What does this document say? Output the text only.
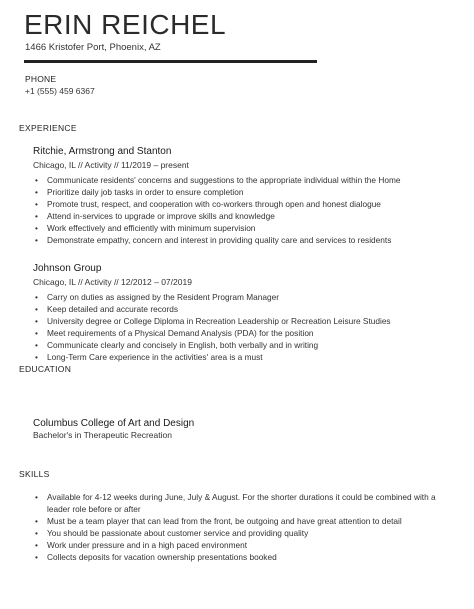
ERIN REICHEL
1466 Kristofer Port, Phoenix, AZ
PHONE
+1 (555) 459 6367
EXPERIENCE
Ritchie, Armstrong and Stanton
Chicago, IL // Activity // 11/2019 – present
• Communicate residents' concerns and suggestions to the appropriate individual within the Home
• Prioritize daily job tasks in order to ensure completion
• Promote trust, respect, and cooperation with co-workers through open and honest dialogue
• Attend in-services to upgrade or improve skills and knowledge
• Work effectively and efficiently with minimum supervision
• Demonstrate empathy, concern and interest in providing quality care and services to residents
Johnson Group
Chicago, IL // Activity // 12/2012 – 07/2019
• Carry on duties as assigned by the Resident Program Manager
• Keep detailed and accurate records
• University degree or College Diploma in Recreation Leadership or Recreation Leisure Studies
• Meet requirements of a Physical Demand Analysis (PDA) for the position
• Communicate clearly and concisely in English, both verbally and in writing
• Long-Term Care experience in the activities' area is a must
EDUCATION
Columbus College of Art and Design
Bachelor's in Therapeutic Recreation
SKILLS
• Available for 4-12 weeks during June, July & August. For the shorter durations it could be combined with a leader role before or after
• Must be a team player that can lead from the front, be outgoing and have great attention to detail
• You should be passionate about customer service and providing quality
• Work under pressure and in a high paced environment
• Collects deposits for vacation ownership presentations booked
